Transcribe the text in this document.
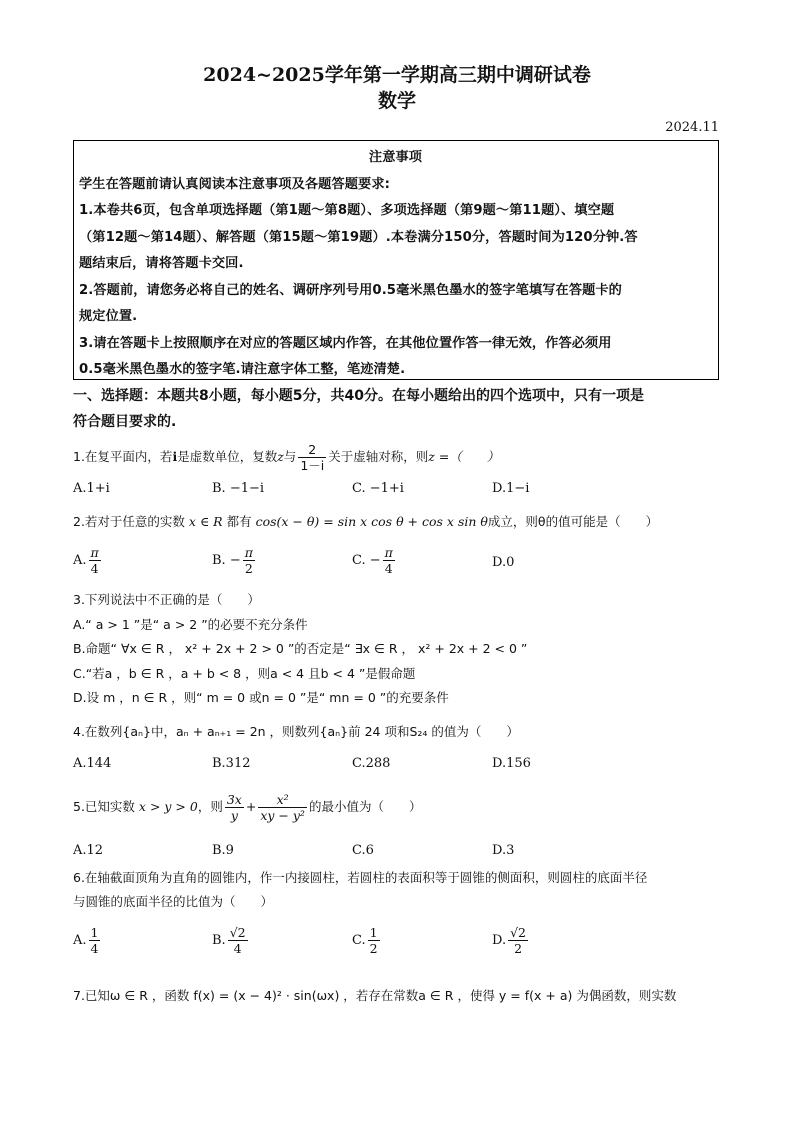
2024~2025学年第一学期高三期中调研试卷
数学
2024.11
注意事项
学生在答题前请认真阅读本注意事项及各题答题要求:
1.本卷共6页，包含单项选择题（第1题～第8题）、多项选择题（第9题～第11题）、填空题
（第12题～第14题）、解答题（第15题～第19题）.本卷满分150分，答题时间为120分钟.答
题结束后，请将答题卡交回.
2.答题前，请您务必将自己的姓名、调研序列号用0.5毫米黑色墨水的签字笔填写在答题卡的
规定位置.
3.请在答题卡上按照顺序在对应的答题区域内作答，在其他位置作答一律无效，作答必须用
0.5毫米黑色墨水的签字笔.请注意字体工整，笔迹清楚.
一、选择题：本题共8小题，每小题5分，共40分。在每小题给出的四个选项中，只有一项是
符合题目要求的.
1.在复平面内，若i是虚数单位，复数z与 $\frac{2}{1-i}$ 关于虚轴对称，则z =（　　）
A.1+i	B. −1−i	C. −1+i	D.1−i
2.若对于任意的实数 x ∈ R 都有 cos(x − θ) = sin x cos θ + cos x sin θ成立，则θ的值可能是（　　）
A. $\frac{\pi}{4}$	B. − $\frac{\pi}{2}$	C. − $\frac{\pi}{4}$	D.0
3.下列说法中不正确的是（　　）
A.“ a > 1 ”是“ a > 2 ”的必要不充分条件
B.命题“ ∀x ∈ R ， x² + 2x + 2 > 0 ”的否定是“ ∃x ∈ R ， x² + 2x + 2 < 0 ”
C.“若a ，b ∈ R ，a + b < 8 ，则a < 4 且b < 4 ”是假命题
D.设 m ，n ∈ R ，则“ m = 0 或n = 0 ”是“ mn = 0 ”的充要条件
4.在数列{aₙ}中，aₙ + aₙ₊₁ = 2n ，则数列{aₙ}前 24 项和S₂₄ 的值为（　　）
A.144	B.312	C.288	D.156
5.已知实数 x > y > 0，则 $\frac{3x}{y} + \frac{\text{x²}}{\text{xy − y²}}$ 的最小值为（　　）
A.12	B.9	C.6	D.3
6.在轴截面顶角为直角的圆锥内，作一内接圆柱，若圆柱的表面积等于圆锥的侧面积，则圆柱的底面半径
与圆锥的底面半径的比值为（　　）
A. $\frac{1}{4}$	B. $\frac{√2}{4}$	C. $\frac{1}{2}$	D. $\frac{√2}{2}$
7.已知ω ∈ R ，函数 f(x) = (x − 4)² · sin(ωx) ，若存在常数a ∈ R ，使得 y = f(x + a) 为偶函数，则实数
